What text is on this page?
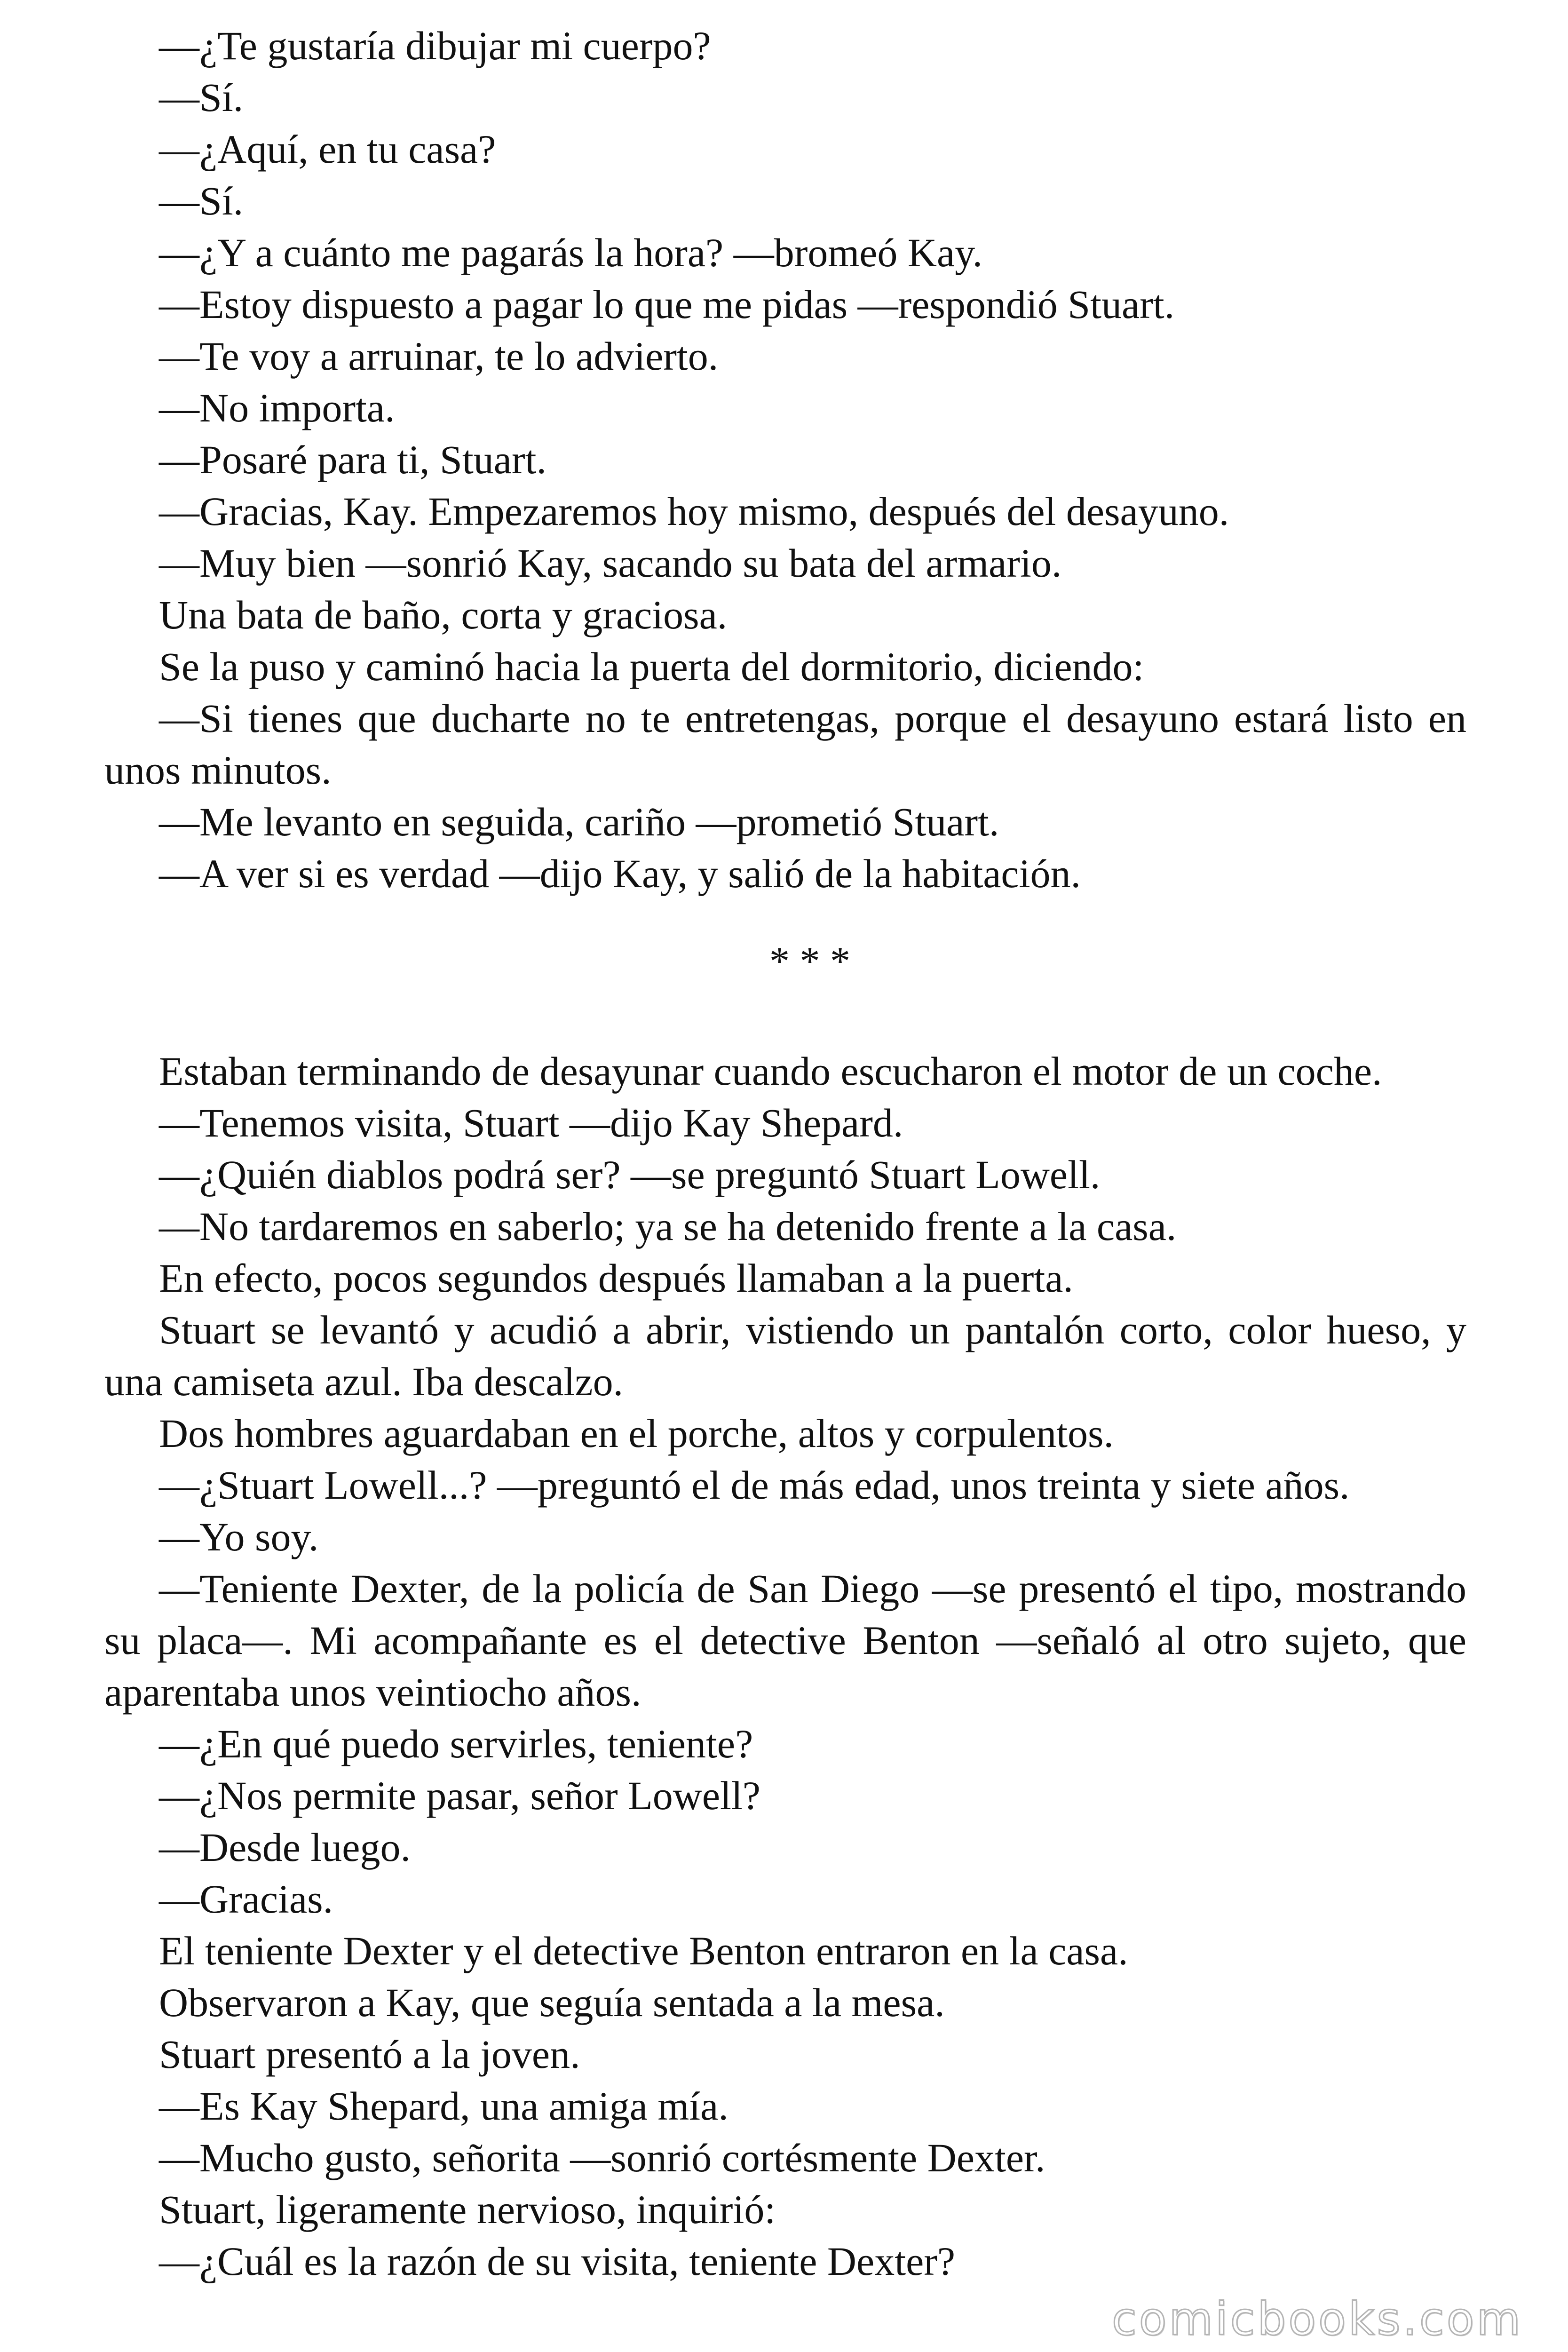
—¿Te gustaría dibujar mi cuerpo?

—Sí.

—¿Aquí, en tu casa?

—Sí.

—¿Y a cuánto me pagarás la hora? —bromeó Kay.

—Estoy dispuesto a pagar lo que me pidas —respondió Stuart.

—Te voy a arruinar, te lo advierto.

—No importa.

—Posaré para ti, Stuart.

—Gracias, Kay. Empezaremos hoy mismo, después del desayuno.

—Muy bien —sonrió Kay, sacando su bata del armario.

Una bata de baño, corta y graciosa.

Se la puso y caminó hacia la puerta del dormitorio, diciendo:

—Si tienes que ducharte no te entretengas, porque el desayuno estará listo en unos minutos.

—Me levanto en seguida, cariño —prometió Stuart.

—A ver si es verdad —dijo Kay, y salió de la habitación.

* * *

Estaban terminando de desayunar cuando escucharon el motor de un coche.

—Tenemos visita, Stuart —dijo Kay Shepard.

—¿Quién diablos podrá ser? —se preguntó Stuart Lowell.

—No tardaremos en saberlo; ya se ha detenido frente a la casa.

En efecto, pocos segundos después llamaban a la puerta.

Stuart se levantó y acudió a abrir, vistiendo un pantalón corto, color hueso, y una camiseta azul. Iba descalzo.

Dos hombres aguardaban en el porche, altos y corpulentos.

—¿Stuart Lowell...? —preguntó el de más edad, unos treinta y siete años.

—Yo soy.

—Teniente Dexter, de la policía de San Diego —se presentó el tipo, mostrando su placa—. Mi acompañante es el detective Benton —señaló al otro sujeto, que aparentaba unos veintiocho años.

—¿En qué puedo servirles, teniente?

—¿Nos permite pasar, señor Lowell?

—Desde luego.

—Gracias.

El teniente Dexter y el detective Benton entraron en la casa.

Observaron a Kay, que seguía sentada a la mesa.

Stuart presentó a la joven.

—Es Kay Shepard, una amiga mía.

—Mucho gusto, señorita —sonrió cortésmente Dexter.

Stuart, ligeramente nervioso, inquirió:

—¿Cuál es la razón de su visita, teniente Dexter?

comicbooks.com
